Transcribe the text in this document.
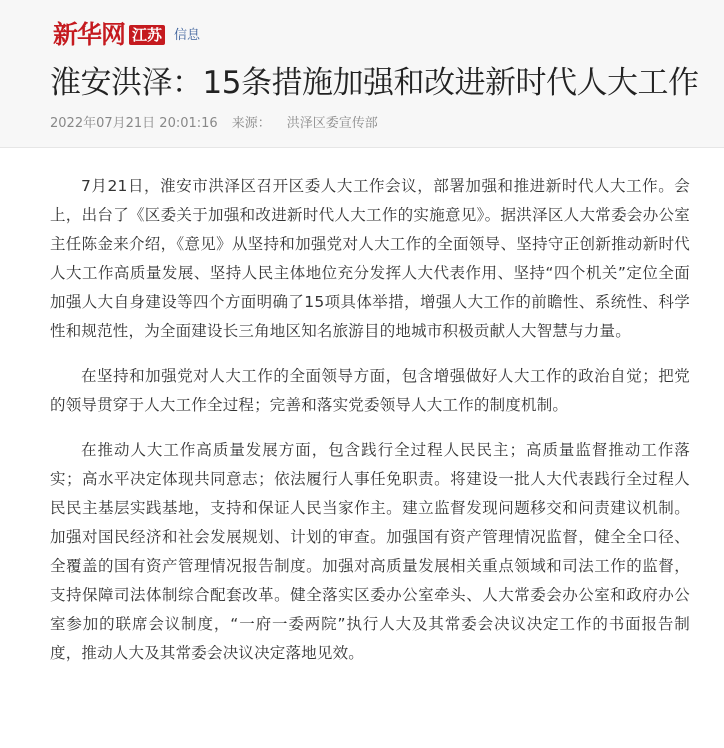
新华网 江苏 信息
淮安洪泽：15条措施加强和改进新时代人大工作
2022年07月21日 20:01:16 来源： 洪泽区委宣传部

7月21日，淮安市洪泽区召开区委人大工作会议，部署加强和推进新时代人大工作。会上，出台了《区委关于加强和改进新时代人大工作的实施意见》。据洪泽区人大常委会办公室主任陈金来介绍，《意见》从坚持和加强党对人大工作的全面领导、坚持守正创新推动新时代人大工作高质量发展、坚持人民主体地位充分发挥人大代表作用、坚持“四个机关”定位全面加强人大自身建设等四个方面明确了15项具体举措，增强人大工作的前瞻性、系统性、科学性和规范性，为全面建设长三角地区知名旅游目的地城市积极贡献人大智慧与力量。

在坚持和加强党对人大工作的全面领导方面，包含增强做好人大工作的政治自觉；把党的领导贯穿于人大工作全过程；完善和落实党委领导人大工作的制度机制。

在推动人大工作高质量发展方面，包含践行全过程人民民主；高质量监督推动工作落实；高水平决定体现共同意志；依法履行人事任免职责。将建设一批人大代表践行全过程人民民主基层实践基地，支持和保证人民当家作主。建立监督发现问题移交和问责建议机制。加强对国民经济和社会发展规划、计划的审查。加强国有资产管理情况监督，健全全口径、全覆盖的国有资产管理情况报告制度。加强对高质量发展相关重点领域和司法工作的监督，支持保障司法体制综合配套改革。健全落实区委办公室牵头、人大常委会办公室和政府办公室参加的联席会议制度，“一府一委两院”执行人大及其常委会决议决定工作的书面报告制度，推动人大及其常委会决议决定落地见效。
